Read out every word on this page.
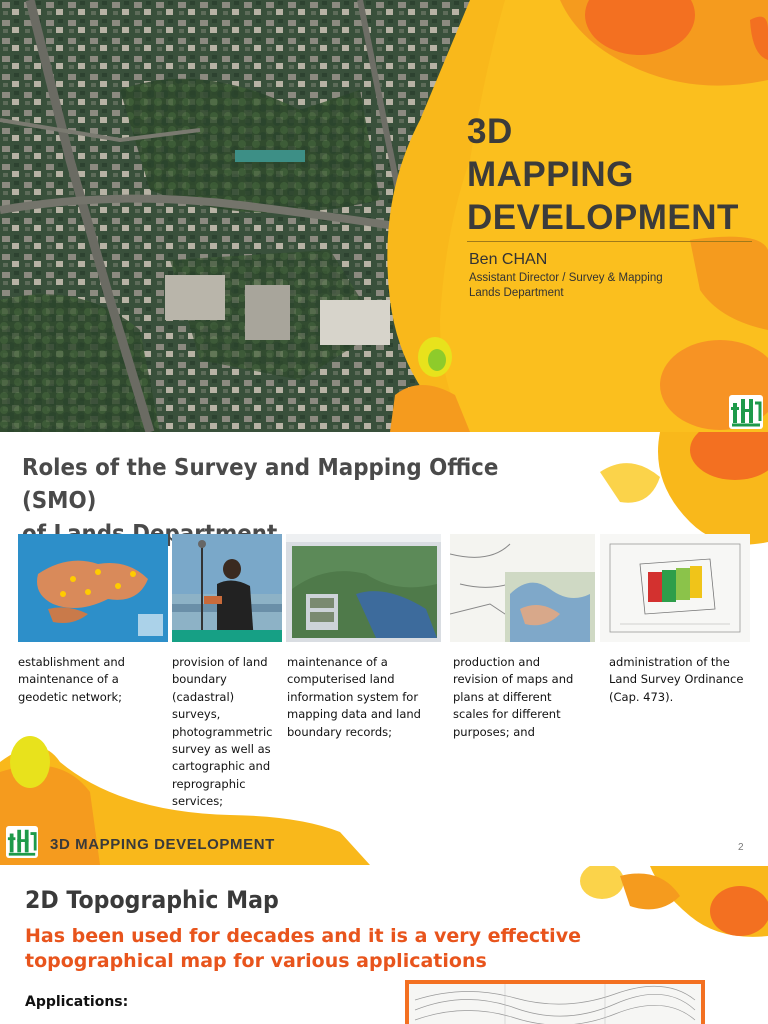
3D
MAPPING
DEVELOPMENT
Ben CHAN
Assistant Director / Survey & Mapping
Lands Department
Roles of the Survey and Mapping Office (SMO)
establishment and
maintenance of a
geodetic network;
provision of land
boundary
(cadastral) surveys,
photogrammetric
survey as well as
cartographic and
reprographic
services;
maintenance of a
computerised land
information system for
mapping data and land
boundary records;
production and
revision of maps and
plans at different
scales for different
purposes; and
administration of the
Land Survey Ordinance
(Cap. 473).
3D MAPPING DEVELOPMENT	2
2D Topographic Map
Has been used for decades and it is a very effective
topographical map for various applications
Applications:
